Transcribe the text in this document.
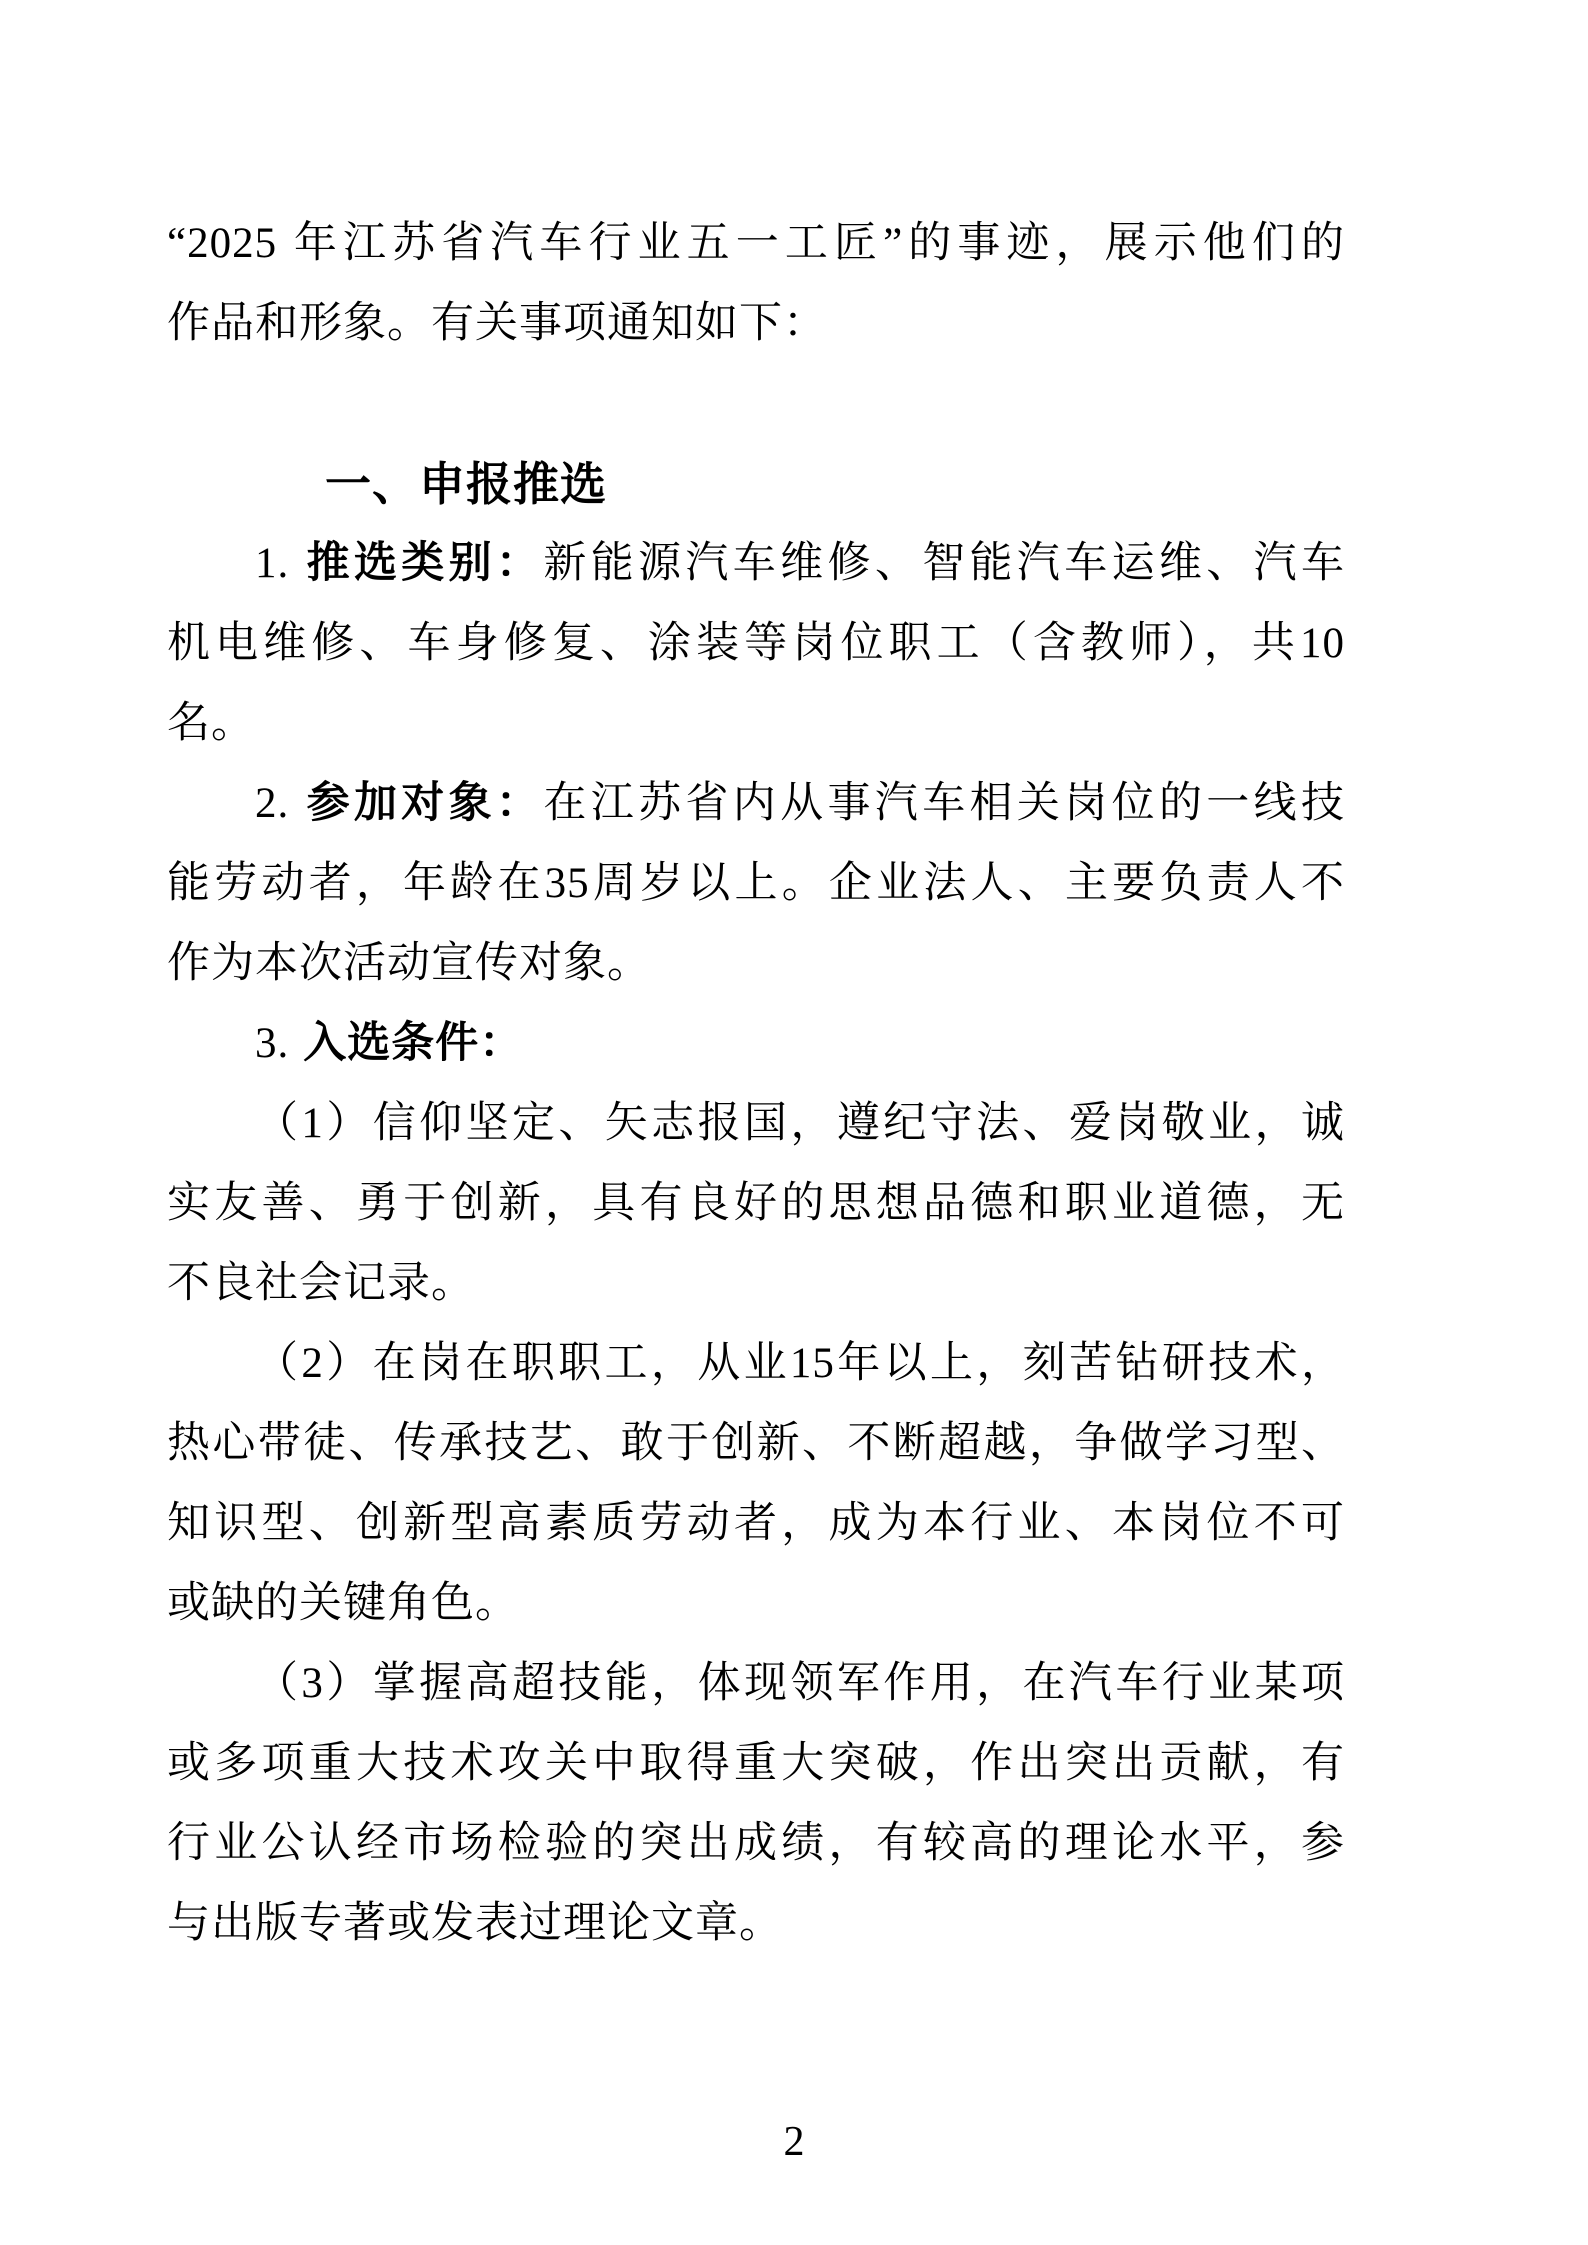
“2025 年江苏省汽车行业五一工匠”的事迹，展示他们的
作品和形象。有关事项通知如下：
一、申报推选
1. 推选类别：新能源汽车维修、智能汽车运维、汽车
机电维修、车身修复、涂装等岗位职工（含教师），共10
名。
2. 参加对象：在江苏省内从事汽车相关岗位的一线技
能劳动者，年龄在35周岁以上。企业法人、主要负责人不
作为本次活动宣传对象。
3. 入选条件：
（1）信仰坚定、矢志报国，遵纪守法、爱岗敬业，诚
实友善、勇于创新，具有良好的思想品德和职业道德，无
不良社会记录。
（2）在岗在职职工，从业15年以上，刻苦钻研技术，
热心带徒、传承技艺、敢于创新、不断超越，争做学习型、
知识型、创新型高素质劳动者，成为本行业、本岗位不可
或缺的关键角色。
（3）掌握高超技能，体现领军作用，在汽车行业某项
或多项重大技术攻关中取得重大突破，作出突出贡献，有
行业公认经市场检验的突出成绩，有较高的理论水平，参
与出版专著或发表过理论文章。
2
